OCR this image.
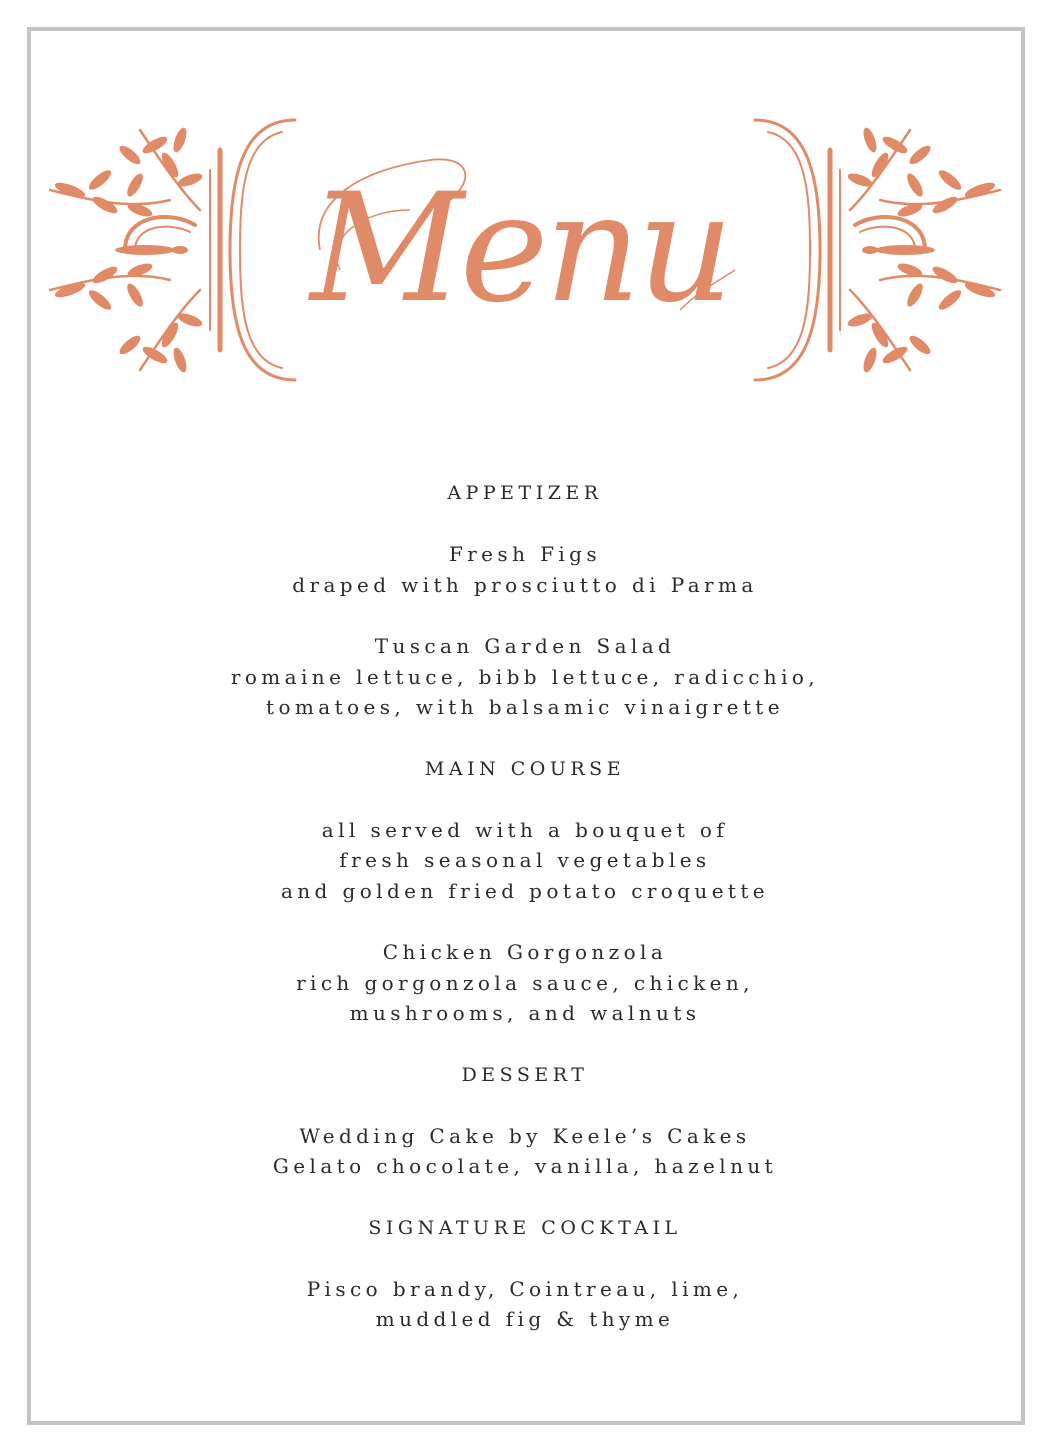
Menu
APPETIZER
Fresh Figs
draped with prosciutto di Parma
Tuscan Garden Salad
romaine lettuce, bibb lettuce, radicchio,
tomatoes, with balsamic vinaigrette
MAIN COURSE
all served with a bouquet of
fresh seasonal vegetables
and golden fried potato croquette
Chicken Gorgonzola
rich gorgonzola sauce, chicken,
mushrooms, and walnuts
DESSERT
Wedding Cake by Keele’s Cakes
Gelato chocolate, vanilla, hazelnut
SIGNATURE COCKTAIL
Pisco brandy, Cointreau, lime,
muddled fig & thyme
